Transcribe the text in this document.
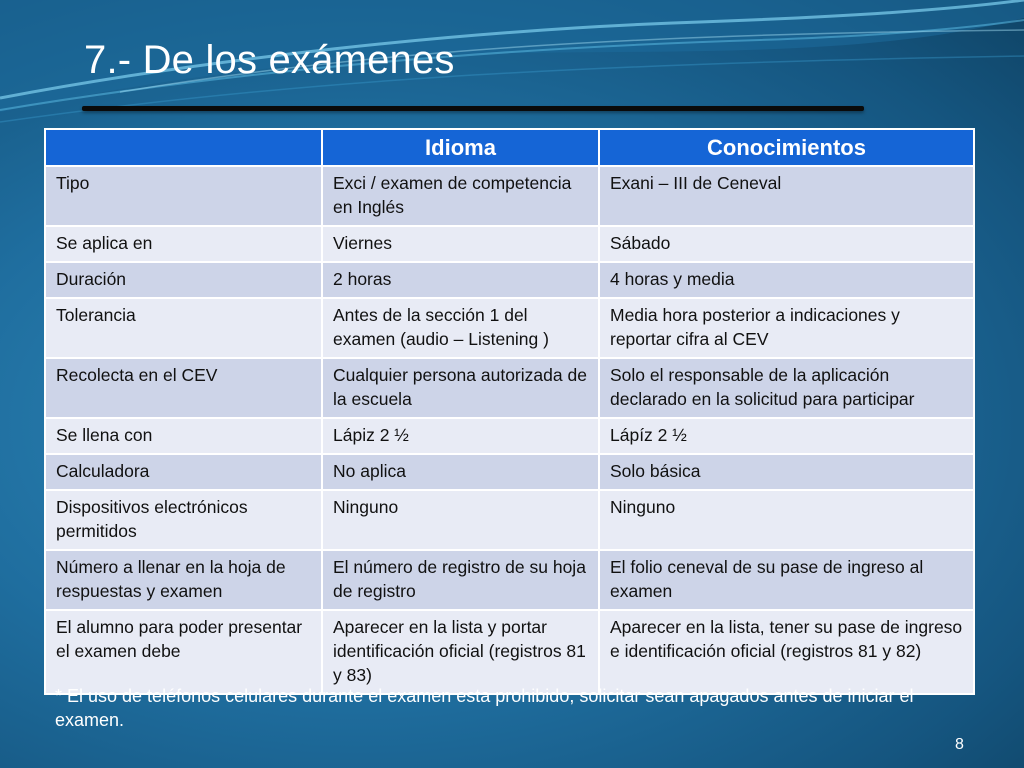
7.- De los exámenes
	Idioma	Conocimientos
Tipo	Exci / examen de competencia en Inglés	Exani – III de Ceneval
Se aplica en	Viernes	Sábado
Duración	2 horas	4 horas y media
Tolerancia	Antes de la sección 1 del examen (audio – Listening )	Media hora posterior a indicaciones y reportar cifra al CEV
Recolecta en el CEV	Cualquier persona autorizada de la escuela	Solo el responsable de la aplicación declarado en la solicitud para participar
Se llena con	Lápiz 2 ½	Lápíz 2 ½
Calculadora	No aplica	Solo básica
Dispositivos electrónicos permitidos	Ninguno	Ninguno
Número a llenar en la hoja de respuestas y examen	El número de registro de su hoja de registro	El folio ceneval de su pase de ingreso al examen
El alumno para poder presentar el examen debe	Aparecer en la lista y portar identificación oficial (registros 81 y 83)	Aparecer en la lista, tener su pase de ingreso e identificación oficial (registros 81 y 82)

* El uso de teléfonos celulares durante el examen esta prohibido, solicitar sean apagados antes de iniciar el examen.

8
